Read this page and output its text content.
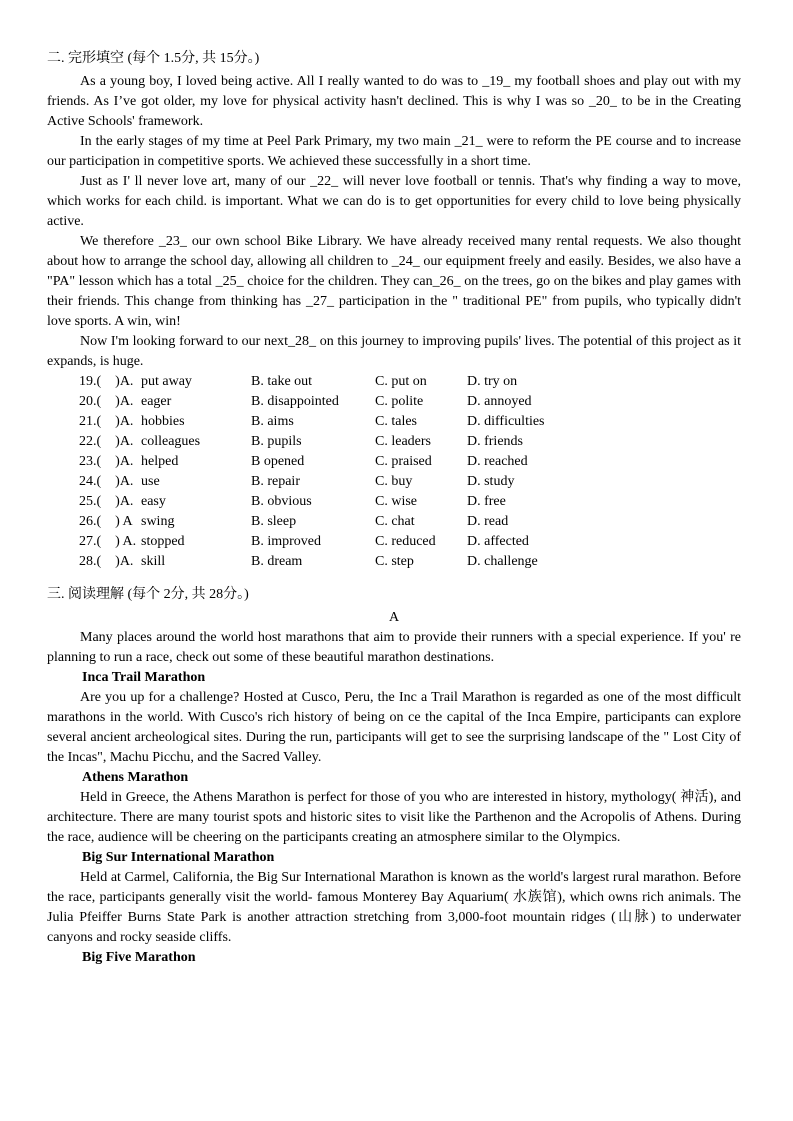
二. 完形填空 (每个 1.5分, 共 15分。)

As a young boy, I loved being active. All I really wanted to do was to _19_ my football shoes and play out with my friends. As I’ve got older, my love for physical activity hasn't declined. This is why I was so _20_ to be in the Creating Active Schools' framework.

In the early stages of my time at Peel Park Primary, my two main _21_ were to reform the PE course and to increase our participation in competitive sports. We achieved these successfully in a short time.

Just as I' ll never love art, many of our _22_ will never love football or tennis. That's why finding a way to move, which works for each child. is important. What we can do is to get opportunities for every child to love being physically active.

We therefore _23_ our own school Bike Library. We have already received many rental requests. We also thought about how to arrange the school day, allowing all children to _24_ our equipment freely and easily. Besides, we also have a "PA" lesson which has a total _25_ choice for the children. They can_26_ on the trees, go on the bikes and play games with their friends. This change from thinking has _27_ participation in the " traditional PE" from pupils, who typically didn't love sports. A win, win!

Now I'm looking forward to our next_28_ on this journey to improving pupils' lives. The potential of this project as it expands, is huge.

19.(　)A. put away	B. take out	C. put on	D. try on
20.(　)A. eager	B. disappointed	C. polite	D. annoyed
21.(　)A. hobbies	B. aims	C. tales	D. difficulties
22.(　)A. colleagues	B. pupils	C. leaders	D. friends
23.(　)A. helped	B opened	C. praised	D. reached
24.(　)A. use	B. repair	C. buy	D. study
25.(　)A. easy	B. obvious	C. wise	D. free
26.(　) A swing	B. sleep	C. chat	D. read
27.(　) A. stopped	B. improved	C. reduced	D. affected
28.(　)A. skill	B. dream	C. step	D. challenge
三. 阅读理解 (每个 2分, 共 28分。)
A

Many places around the world host marathons that aim to provide their runners with a special experience. If you' re planning to run a race, check out some of these beautiful marathon destinations.

Inca Trail Marathon

Are you up for a challenge? Hosted at Cusco, Peru, the Inc a Trail Marathon is regarded as one of the most difficult marathons in the world. With Cusco's rich history of being on ce the capital of the Inca Empire, participants can explore several ancient archeological sites. During the run, participants will get to see the surprising landscape of the " Lost City of the Incas", Machu Picchu, and the Sacred Valley.

Athens Marathon

Held in Greece, the Athens Marathon is perfect for those of you who are interested in history, mythology( 神活), and architecture. There are many tourist spots and historic sites to visit like the Parthenon and the Acropolis of Athens. During the race, audience will be cheering on the participants creating an atmosphere similar to the Olympics.

Big Sur International Marathon

Held at Carmel, California, the Big Sur International Marathon is known as the world's largest rural marathon. Before the race, participants generally visit the world- famous Monterey Bay Aquarium( 水族馆), which owns rich animals. The Julia Pfeiffer Burns State Park is another attraction stretching from 3,000-foot mountain ridges (山脉) to underwater canyons and rocky seaside cliffs.

Big Five Marathon
